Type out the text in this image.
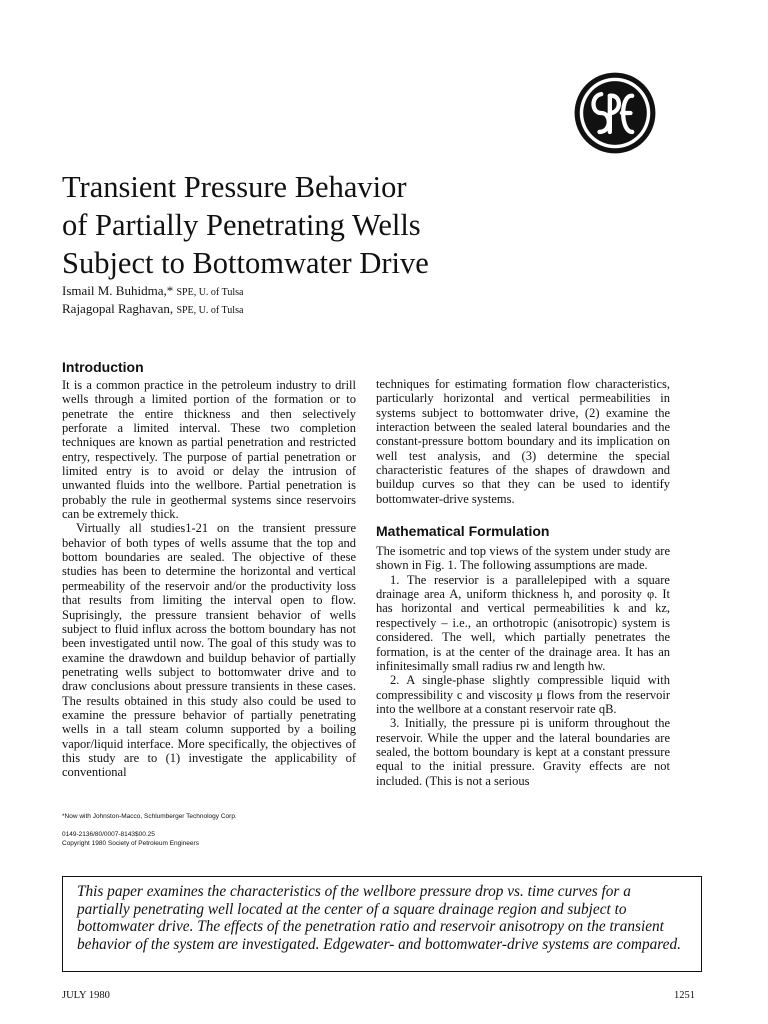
Transient Pressure Behavior
of Partially Penetrating Wells
Subject to Bottomwater Drive
Ismail M. Buhidma,* SPE, U. of Tulsa
Rajagopal Raghavan, SPE, U. of Tulsa
Introduction

It is a common practice in the petroleum industry to drill wells through a limited portion of the formation or to penetrate the entire thickness and then selectively perforate a limited interval. These two completion techniques are known as partial penetration and restricted entry, respectively. The purpose of partial penetration or limited entry is to avoid or delay the intrusion of unwanted fluids into the wellbore. Partial penetration is probably the rule in geothermal systems since reservoirs can be extremely thick.

Virtually all studies1-21 on the transient pressure behavior of both types of wells assume that the top and bottom boundaries are sealed. The objective of these studies has been to determine the horizontal and vertical permeability of the reservoir and/or the productivity loss that results from limiting the interval open to flow. Suprisingly, the pressure transient behavior of wells subject to fluid influx across the bottom boundary has not been investigated until now. The goal of this study was to examine the drawdown and buildup behavior of partially penetrating wells subject to bottomwater drive and to draw conclusions about pressure transients in these cases. The results obtained in this study also could be used to examine the pressure behavior of partially penetrating wells in a tall steam column supported by a boiling vapor/liquid interface. More specifically, the objectives of this study are to (1) investigate the applicability of conventional

techniques for estimating formation flow characteristics, particularly horizontal and vertical permeabilities in systems subject to bottomwater drive, (2) examine the interaction between the sealed lateral boundaries and the constant-pressure bottom boundary and its implication on well test analysis, and (3) determine the special characteristic features of the shapes of drawdown and buildup curves so that they can be used to identify bottomwater-drive systems.

Mathematical Formulation

The isometric and top views of the system under study are shown in Fig. 1. The following assumptions are made.

1. The reservior is a parallelepiped with a square drainage area A, uniform thickness h, and porosity φ. It has horizontal and vertical permeabilities k and kz, respectively – i.e., an orthotropic (anisotropic) system is considered. The well, which partially penetrates the formation, is at the center of the drainage area. It has an infinitesimally small radius rw and length hw.

2. A single-phase slightly compressible liquid with compressibility c and viscosity μ flows from the reservoir into the wellbore at a constant reservoir rate qB.

3. Initially, the pressure pi is uniform throughout the reservoir. While the upper and the lateral boundaries are sealed, the bottom boundary is kept at a constant pressure equal to the initial pressure. Gravity effects are not included. (This is not a serious

*Now with Johnston-Macco, Schlumberger Technology Corp.
0149-2136/80/0007-8143$00.25
Copyright 1980 Society of Petroleum Engineers
This paper examines the characteristics of the wellbore pressure drop vs. time curves for a partially penetrating well located at the center of a square drainage region and subject to bottomwater drive. The effects of the penetration ratio and reservoir anisotropy on the transient behavior of the system are investigated. Edgewater- and bottomwater-drive systems are compared.
JULY 1980	1251
